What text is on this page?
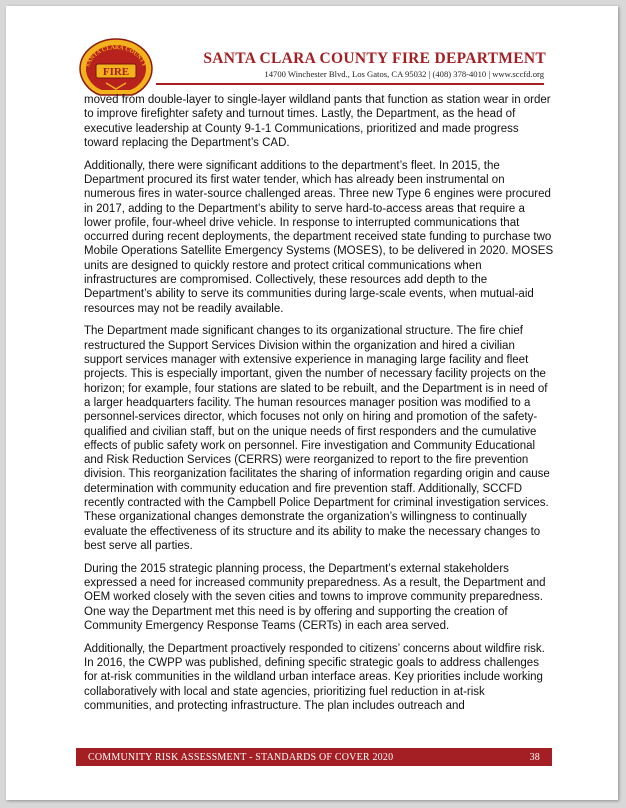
SANTA CLARA COUNTY
FIRE
SANTA CLARA COUNTY FIRE DEPARTMENT
14700 Winchester Blvd., Los Gatos, CA 95032 | (408) 378-4010 | www.sccfd.org

moved from double-layer to single-layer wildland pants that function as station wear in order to improve firefighter safety and turnout times. Lastly, the Department, as the head of executive leadership at County 9-1-1 Communications, prioritized and made progress toward replacing the Department’s CAD.

Additionally, there were significant additions to the department’s fleet. In 2015, the Department procured its first water tender, which has already been instrumental on numerous fires in water-source challenged areas. Three new Type 6 engines were procured in 2017, adding to the Department’s ability to serve hard-to-access areas that require a lower profile, four-wheel drive vehicle. In response to interrupted communications that occurred during recent deployments, the department received state funding to purchase two Mobile Operations Satellite Emergency Systems (MOSES), to be delivered in 2020. MOSES units are designed to quickly restore and protect critical communications when infrastructures are compromised. Collectively, these resources add depth to the Department’s ability to serve its communities during large-scale events, when mutual-aid resources may not be readily available.

The Department made significant changes to its organizational structure. The fire chief restructured the Support Services Division within the organization and hired a civilian support services manager with extensive experience in managing large facility and fleet projects. This is especially important, given the number of necessary facility projects on the horizon; for example, four stations are slated to be rebuilt, and the Department is in need of a larger headquarters facility. The human resources manager position was modified to a personnel-services director, which focuses not only on hiring and promotion of the safety-qualified and civilian staff, but on the unique needs of first responders and the cumulative effects of public safety work on personnel. Fire investigation and Community Educational and Risk Reduction Services (CERRS) were reorganized to report to the fire prevention division. This reorganization facilitates the sharing of information regarding origin and cause determination with community education and fire prevention staff. Additionally, SCCFD recently contracted with the Campbell Police Department for criminal investigation services. These organizational changes demonstrate the organization’s willingness to continually evaluate the effectiveness of its structure and its ability to make the necessary changes to best serve all parties.

During the 2015 strategic planning process, the Department’s external stakeholders expressed a need for increased community preparedness. As a result, the Department and OEM worked closely with the seven cities and towns to improve community preparedness. One way the Department met this need is by offering and supporting the creation of Community Emergency Response Teams (CERTs) in each area served.

Additionally, the Department proactively responded to citizens’ concerns about wildfire risk. In 2016, the CWPP was published, defining specific strategic goals to address challenges for at-risk communities in the wildland urban interface areas. Key priorities include working collaboratively with local and state agencies, prioritizing fuel reduction in at-risk communities, and protecting infrastructure. The plan includes outreach and

COMMUNITY RISK ASSESSMENT - STANDARDS OF COVER 2020	38
